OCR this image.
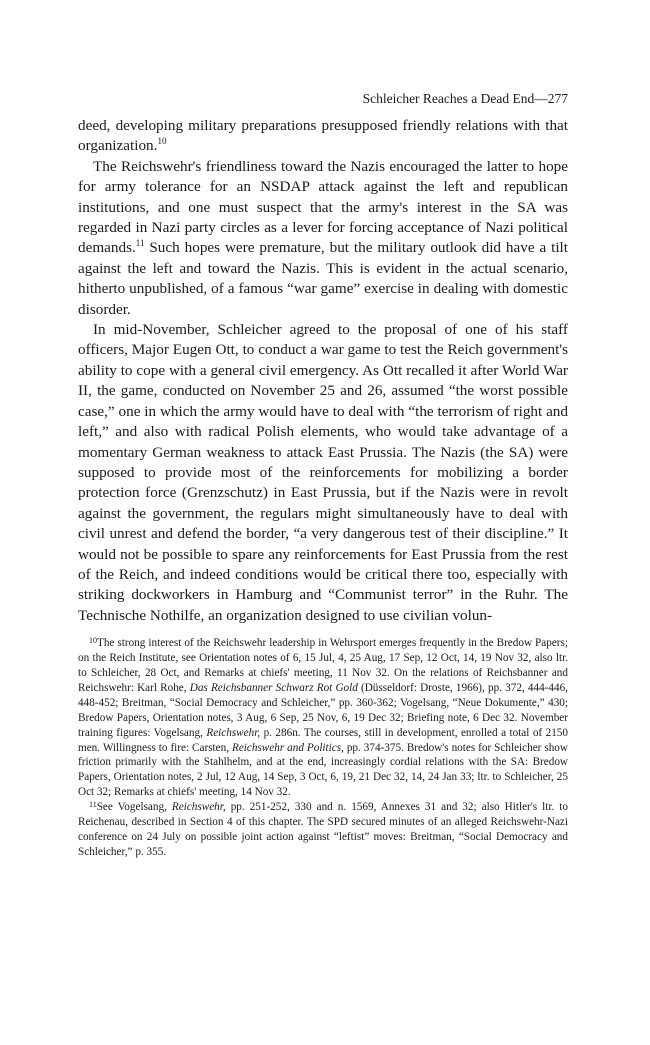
Schleicher Reaches a Dead End—277

deed, developing military preparations presupposed friendly relations with that organization.$^{10}$

The Reichswehr's friendliness toward the Nazis encouraged the latter to hope for army tolerance for an NSDAP attack against the left and republican institutions, and one must suspect that the army's interest in the SA was regarded in Nazi party circles as a lever for forcing acceptance of Nazi political demands.$^{11}$ Such hopes were premature, but the military outlook did have a tilt against the left and toward the Nazis. This is evident in the actual scenario, hitherto unpublished, of a famous “war game” exercise in dealing with domestic disorder.

In mid-November, Schleicher agreed to the proposal of one of his staff officers, Major Eugen Ott, to conduct a war game to test the Reich government's ability to cope with a general civil emergency. As Ott recalled it after World War II, the game, conducted on November 25 and 26, assumed “the worst possible case,” one in which the army would have to deal with “the terrorism of right and left,” and also with radical Polish elements, who would take advantage of a momentary German weakness to attack East Prussia. The Nazis (the SA) were supposed to provide most of the reinforcements for mobilizing a border protection force (Grenzschutz) in East Prussia, but if the Nazis were in revolt against the government, the regulars might simultaneously have to deal with civil unrest and defend the border, “a very dangerous test of their discipline.” It would not be possible to spare any reinforcements for East Prussia from the rest of the Reich, and indeed conditions would be critical there too, especially with striking dockworkers in Hamburg and “Communist terror” in the Ruhr. The Technische Nothilfe, an organization designed to use civilian volun-

$^{10}$The strong interest of the Reichswehr leadership in Wehrsport emerges frequently in the Bredow Papers; on the Reich Institute, see Orientation notes of 6, 15 Jul, 4, 25 Aug, 17 Sep, 12 Oct, 14, 19 Nov 32, also ltr. to Schleicher, 28 Oct, and Remarks at chiefs' meeting, 11 Nov 32. On the relations of Reichsbanner and Reichswehr: Karl Rohe, Das Reichsbanner Schwarz Rot Gold (Düsseldorf: Droste, 1966), pp. 372, 444-446, 448-452; Breitman, “Social Democracy and Schleicher,” pp. 360-362; Vogelsang, “Neue Dokumente,” 430; Bredow Papers, Orientation notes, 3 Aug, 6 Sep, 25 Nov, 6, 19 Dec 32; Briefing note, 6 Dec 32. November training figures: Vogelsang, Reichswehr, p. 286n. The courses, still in development, enrolled a total of 2150 men. Willingness to fire: Carsten, Reichswehr and Politics, pp. 374-375. Bredow's notes for Schleicher show friction primarily with the Stahlhelm, and at the end, increasingly cordial relations with the SA: Bredow Papers, Orientation notes, 2 Jul, 12 Aug, 14 Sep, 3 Oct, 6, 19, 21 Dec 32, 14, 24 Jan 33; ltr. to Schleicher, 25 Oct 32; Remarks at chiefs' meeting, 14 Nov 32.

$^{11}$See Vogelsang, Reichswehr, pp. 251-252, 330 and n. 1569, Annexes 31 and 32; also Hitler's ltr. to Reichenau, described in Section 4 of this chapter. The SPD secured minutes of an alleged Reichswehr-Nazi conference on 24 July on possible joint action against “leftist” moves: Breitman, “Social Democracy and Schleicher,” p. 355.
